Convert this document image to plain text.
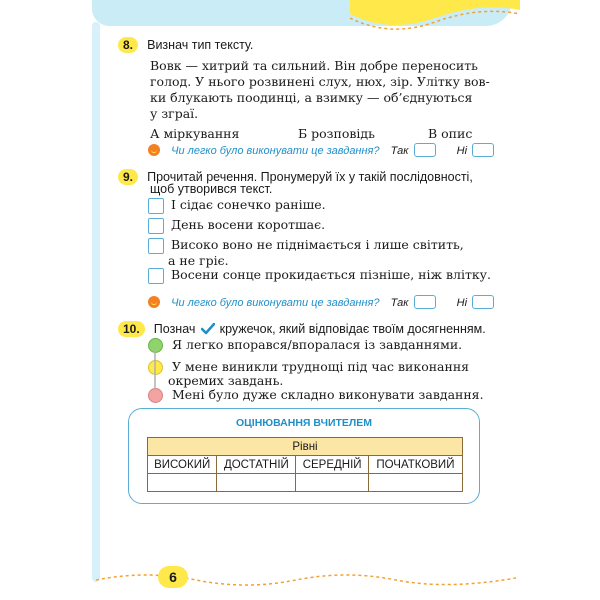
8. Визнач тип тексту.
Вовк — хитрий та сильний. Він добре переносить
голод. У нього розвинені слух, нюх, зір. Улітку вов-
ки блукають поодинці, а взимку — об’єднуються
у зграї.
А міркування	Б розповідь	В опис
Чи легко було виконувати це завдання? Так	Ні
9. Прочитай речення. Пронумеруй їх у такій послідовності,
щоб утворився текст.
І сідає сонечко раніше.
День восени коротшає.
Високо воно не піднімається і лише світить,
а не гріє.
Восени сонце прокидається пізніше, ніж влітку.
Чи легко було виконувати це завдання? Так	Ні
10. Познач кружечок, який відповідає твоїм досягненням.
Я легко впорався/впоралася із завданнями.
У мене виникли труднощі під час виконання
окремих завдань.
Мені було дуже складно виконувати завдання.
ОЦІНЮВАННЯ ВЧИТЕЛЕМ
Рівні			
ВИСОКИЙ	ДОСТАТНІЙ	СЕРЕДНІЙ	ПОЧАТКОВИЙ

6
